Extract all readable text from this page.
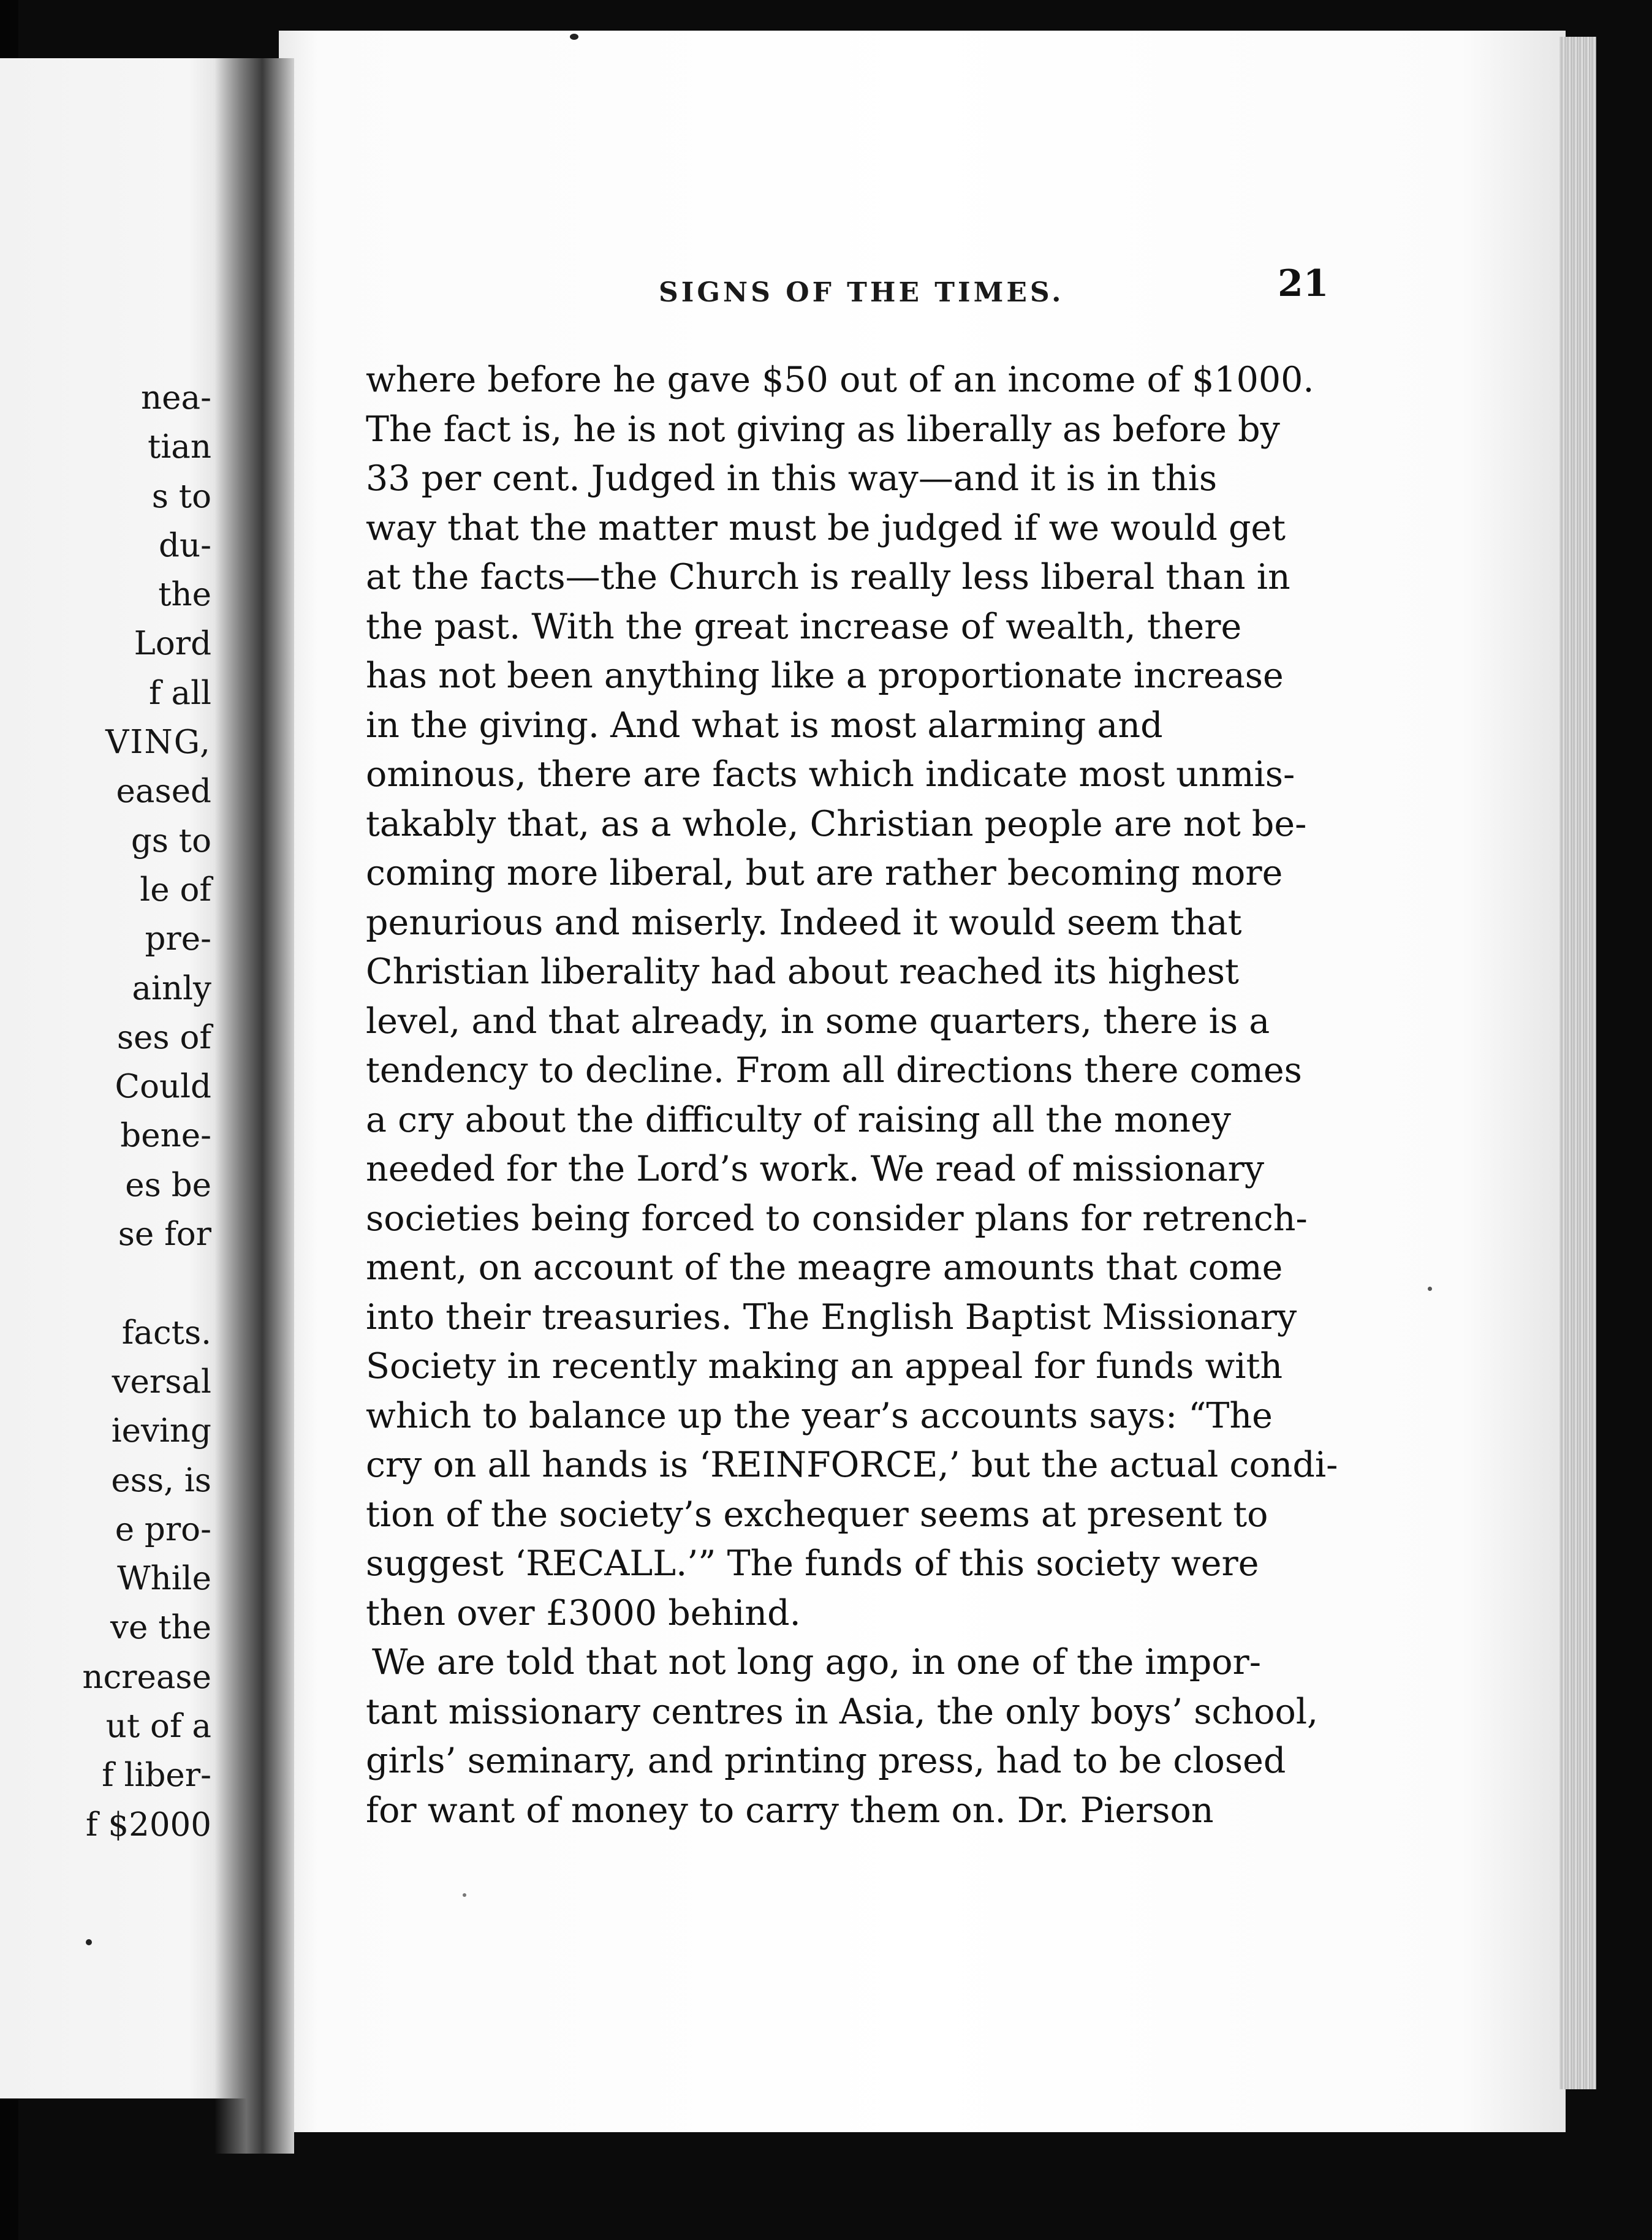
nea-
tian
s to
du-
the
Lord
f all
VING,
eased
gs to
le of
pre-
ainly
ses of
Could
bene-
es be
se for
facts.
versal
ieving
ess, is
e pro-
While
ve the
ncrease
ut of a
f liber-
f $2000

SIGNS OF THE TIMES.	21

where before he gave $50 out of an income of $1000.
The fact is, he is not giving as liberally as before by
33 per cent. Judged in this way—and it is in this
way that the matter must be judged if we would get
at the facts—the Church is really less liberal than in
the past. With the great increase of wealth, there
has not been anything like a proportionate increase
in the giving. And what is most alarming and
ominous, there are facts which indicate most unmis-
takably that, as a whole, Christian people are not be-
coming more liberal, but are rather becoming more
penurious and miserly. Indeed it would seem that
Christian liberality had about reached its highest
level, and that already, in some quarters, there is a
tendency to decline. From all directions there comes
a cry about the difficulty of raising all the money
needed for the Lord’s work. We read of missionary
societies being forced to consider plans for retrench-
ment, on account of the meagre amounts that come
into their treasuries. The English Baptist Missionary
Society in recently making an appeal for funds with
which to balance up the year’s accounts says: “The
cry on all hands is ‘REINFORCE,’ but the actual condi-
tion of the society’s exchequer seems at present to
suggest ‘RECALL.’” The funds of this society were
then over £3000 behind.
We are told that not long ago, in one of the impor-
tant missionary centres in Asia, the only boys’ school,
girls’ seminary, and printing press, had to be closed
for want of money to carry them on. Dr. Pierson
